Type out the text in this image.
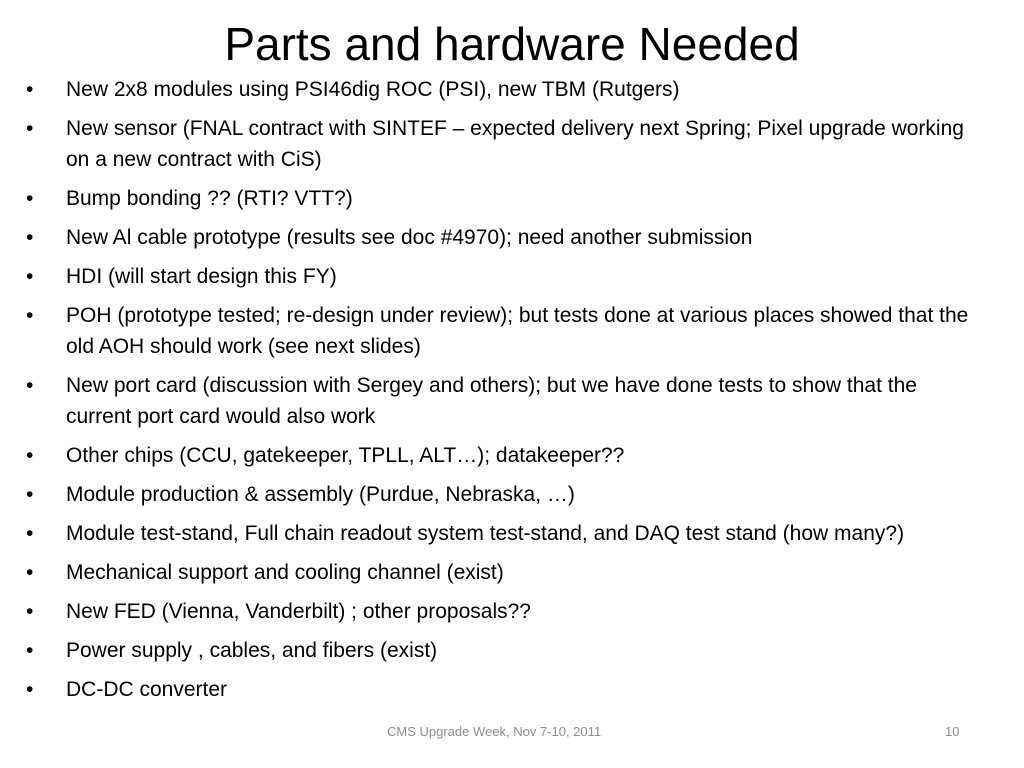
Parts and hardware Needed
• New 2x8 modules using PSI46dig ROC (PSI), new TBM (Rutgers)
• New sensor (FNAL contract with SINTEF – expected delivery next Spring; Pixel upgrade working on a new contract with CiS)
• Bump bonding ?? (RTI? VTT?)
• New Al cable prototype (results see doc #4970); need another submission
• HDI (will start design this FY)
• POH (prototype tested; re-design under review); but tests done at various places showed that the old AOH should work (see next slides)
• New port card (discussion with Sergey and others); but we have done tests to show that the current port card would also work
• Other chips (CCU, gatekeeper, TPLL, ALT…); datakeeper??
• Module production & assembly (Purdue, Nebraska, …)
• Module test-stand, Full chain readout system test-stand, and DAQ test stand (how many?)
• Mechanical support and cooling channel (exist)
• New FED (Vienna, Vanderbilt) ; other proposals??
• Power supply , cables, and fibers (exist)
• DC-DC converter
CMS Upgrade Week, Nov 7-10, 2011	10
